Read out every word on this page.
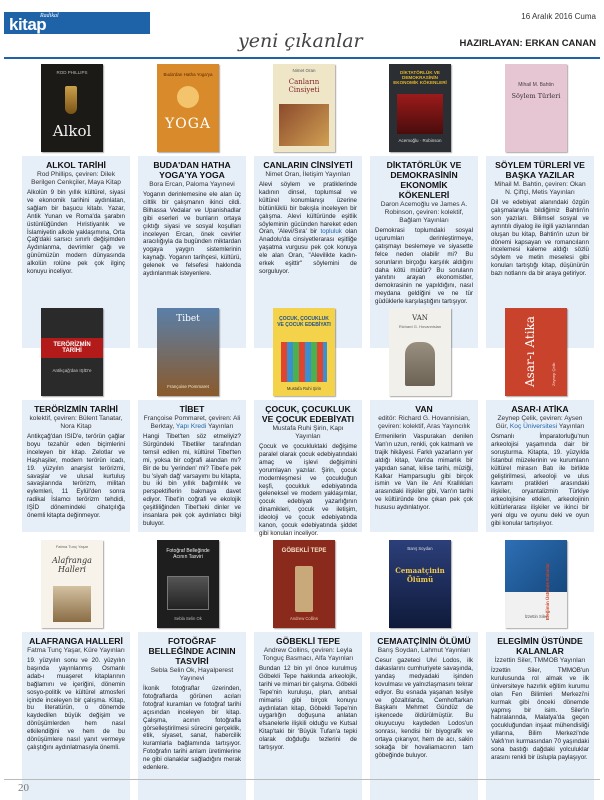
Radikal
kitap	16 Aralık 2016 Cuma
yeni çıkanlar	HAZIRLAYAN: ERKAN CANAN
ROD PHILLIPS
Alkol
ALKOL TARİHİ
Rod Phillips, çeviren: Dilek Berilgen Cenkçiler, Maya Kitap
Alkolün 9 bin yıllık kültürel, siyasi ve ekonomik tarihini aydınlatan, sağlam bir başucu kitabı. Yazar, Antik Yunan ve Roma'da şarabın üstünlüğünden Hıristiyanlık ve İslamiyetin alkole yaklaşımına, Orta Çağ'daki sarsıcı sınırlı değişimden Aydınlanma, devrimler çağı ve günümüzün modern dünyasında alkolün rolüne pek çok ilginç konuyu inceliyor.
Buda'dan Hatha Yoga'ya
YOGA
BUDA'DAN HATHA YOGA'YA YOGA
Bora Ercan, Paloma Yayınevi
Yoganın derinlemesine ele alan üç ciltlik bir çalışmanın ikinci cildi. Bilhassa Vedalar ve Upanishadlar gibi eserleri ve bunların ortaya çıktığı siyasi ve sosyal koşulları inceleyen Ercan, önek cevirler aracılığıyla da bugünden miktardan yogaya yaygın sistemlerinin kaynağı. Yoganın tarihçesi, kültürü, gelenek ve felsefesi hakkında aydınlanmak isteyenlere.
Nimet Oran
Canların Cinsiyeti
CANLARIN CİNSİYETİ
Nimet Oran, İletişim Yayınları
Alevi söylem ve pratiklerinde kadının dinsel, toplumsal ve kültürel konumlanışı üzerine bütünlüklü bir bakışla inceleyen bir çalışma. Alevi kültüründe eşitlik söyleminin gücünden hareket eden Oran, 'Alevi/Sıra' bir topluluk olan Anadolu'da cinsiyetlerarası eşitliğe yaşatma vurgusu pek çok konuya ele alan Oran, "Alevilikte kadın-erkek eşittir" söylemini de sorguluyor.
DİKTATÖRLÜK VE DEMOKRASİNİN EKONOMİK KÖKENLERİ
Acemoğlu · Robinson
DİKTATÖRLÜK VE DEMOKRASİNİN EKONOMİK KÖKENLERİ
Daron Acemoğlu ve James A. Robinson, çeviren: kolektif, Bağlam Yayınları
Demokrasi toplumdaki sosyal uçurumları derinleştirmeye, çatışmayı beslemeye ve siyasette felce neden olabilir mi? Bu sorunların birçoğu karşılık aldığını daha kötü müdür? Bu soruların yanıtını arayan ekonomistler, demokrasinin ne yapıldığını, nasıl meydana geldiğini ve ne tür güdüklerle karşılaştığını tartışıyor.
Mihail M. Bahtin
Söylem Türleri
SÖYLEM TÜRLERİ VE BAŞKA YAZILAR
Mihail M. Bahtin, çeviren: Okan N. Çiftçi, Metis Yayınları
Dil ve edebiyat alanındaki özgün çalışmalarıyla bildiğimiz Bahtin'in son yazıları. Bilimsel sosyal ve ayrıntılı diyalog ile ilgili yazılarından oluşan bu kitap, Bahtin'in uzun bir dönemi kapsayan ve romancıların incelemesi kaleme aldığı sözlü söylem ve metin meselesi gibi konuları tartıştığı kitap, düşünürün bazı notlarını da bir araya getiriyor.
TERÖRİZMİN TARİHİ
Antikçağ'dan IŞİD'e
TERÖRİZMİN TARİHİ
kolektif, çeviren: Bülent Tanatar, Nora Kitap
Antikçağ'dan ISID'e, terörün çağlar boyu tezahür eden biçimlerini inceleyen bir kitap. Zelotlar ve Haşhaşiler, modern terörün icadı, 19. yüzyılın anarşist terörizmi, savaşlar ve ulusal kurtuluş savaşlarında terörizm, militan eylemleri, 11 Eylül'den sonra radikal İslamcı terörizm tehdidi, IŞİD dönemindeki cihatçılığa önemli kitapta değinmeyor.
Tibet
Françoise Pommaret
TİBET
Françoise Pommaret, çeviren: Ali Berktay, Yapı Kredi Yayınları
Hangi Tibet'ten söz etmeliyiz? Sürgündeki Tibetliler tarafından temsil edilen mi, kültürel Tibet'ten mi, yoksa bir coğrafi alandan mı? Bir de bu 'yerinden' mi? Tibet'e pek bu 'siyah dağ' varsayımı bu kitapta, bu iki bin yıllık bağımlılık ve perspektiflerin bakmaya davet ediyor. Tibet'in coğrafi ve ekolojik çeşitliliğinden Tibet'teki dinler ve insanlara pek çok aydınlatıcı bilgi buluyor.
ÇOCUK, ÇOCUKLUK VE ÇOCUK EDEBİYATI
Mustafa Ruhi Şirin
ÇOCUK, ÇOCUKLUK VE ÇOCUK EDEBİYATI
Mustafa Ruhi Şirin, Kapı Yayınları
Çocuk ve çocukluktaki değişime paralel olarak çocuk edebiyatındaki amaç ve işlevi değişimini yorumlayan yazılar. Şirin, çocuk modernleşmesi ve çocukluğun keşfi, çocukluk edebiyatında geleneksel ve modern yaklaşımlar, çocuk edebiyatı yazarlığının dinamikleri, çocuk ve iletişim, ideoloji ve çocuk edebiyatında kanon, çocuk edebiyatında şiddet gibi konuları inceliyor.
VAN
Richard G. Hovannisian
VAN
editör: Richard G. Hovannisian, çeviren: kolektif, Aras Yayıncılık
Ermenilerin Vaspurakan denilen Van'ın uzun, renkli, çok katmanlı ve trajik hikâyesi. Farklı yazarların yer aldığı kitap, Van'da mimarlık bir yapıdan sanat, kilise tarihi, müziği, Kalkar Hamparsuglu gibi birçok ismin ve Van ile Ani Krallıkları arasındaki ilişkiler gibi, Van'ın tarihi ve kültüründe öne çıkan pek çok hususu aydınlatıyor.
Asar-ı Atika	Zeynep Çelik
ASAR-I ATİKA
Zeynep Çelik, çeviren: Aysen Gür, Koç Üniversitesi Yayınları
Osmanlı İmparatorluğu'nun arkeolojisi yaşamında dair bir soruşturma. Kitapta, 19. yüzyılda İstanbul müzelerinin ve kurumların kültürel mirasın Batı ile birlikte geliştirilmesi, arkeoloji ve ulus kavramı pratikleri arasındaki ilişkiler, oryantalizmin Türkiye arkeolojisine etkileri, arkeolojinin kültürlerarası ilişkiler ve ikinci bir yeni olgu ve oyunu deki ve oyun gibi konular tartışılıyor.
Fatma Tunç Yaşar
Alafranga Halleri
ALAFRANGA HALLERİ
Fatma Tunç Yaşar, Küre Yayınları
19. yüzyılın sonu ve 20. yüzyılın başında yayınlanmış Osmanlı adab-ı muaşeret kitaplarının bağlamını ve içeriğini, dönemin sosyo-politik ve kültürel atmosferi içinde inceleyen bir çalışma. Kitap, bu literatürün, o dönemde kaydedilen büyük değişim ve dönüşümlerden hem nasıl etkilendiğini ve hem de bu dönüşümlere nasıl yanıt vermeye çalıştığını aydınlatmasıyla önemli.
Fotoğraf Belleğinde Acının Tasviri
Sebla Selin Ok
FOTOĞRAF BELLEĞİNDE ACININ TASVİRİ
Sebla Selin Ok, Hayalperest Yayınevi
İkonik fotoğraflar üzerinden, fotoğraflarda görünen acıları fotoğraf kuramları ve fotoğraf tarihi açısından inceleyen bir kitap. Çalışma, acının fotoğrafla görselleştirilmesi sürecini gerçeklik, etik, siyaset, sanat, habercilik kuramlarla bağlamında tartışıyor. Fotoğrafın tarihi anlam üretimlerine ne gibi olanaklar sağladığını merak edenlere.
GÖBEKLİ TEPE
Andrew Collins
GÖBEKLİ TEPE
Andrew Collins, çeviren: Leyla Tonguç Basmacı, Alfa Yayınları
Bundan 12 bin yıl önce kurulmuş Göbekli Tepe hakkında arkeolojik, tarihi ve mimari bir çalışma. Göbekli Tepe'nin kuruluşu, plan, anıtsal mimarisi gibi birçok konuyu aydınlatan kitap, Göbekli Tepe'nin uygarlığın doğuşuna anlatan efsanelerle ilişkili olduğu ve Kutsal Kitap'taki bir 'Büyük Tufan'a tepki olarak doğduğu tezlerini de tartışıyor.
Barış Soydan
Cemaatçinin Ölümü
CEMAATÇİNİN ÖLÜMÜ
Barış Soydan, Lahmut Yayınları
Cesur gazeteci Ulvi Lodos, ilk dakaslarını cumhuriyete savaşında, yandaş medyadaki işinden kovulması ve yalnızlaşmasını tekrar ediyor. Bu esnada yaşanan tesilye ve gözaltılarda, Cemhoftarkan Başkanı Mehmet Gündüz de işkencede öldürülmüştür. Bu okuyucuyu kaydeden Lodos'un sonrası, kendisi bir biyografik ve ortaya çıkarıyor, hem de acı, sakin sokağa bir hovaliamacının tam göbeğinde buluyor.
Eleğimin Üstünde Kalanlar
İzzettin Siler
ELEGİMİN ÜSTÜNDE KALANLAR
İzzettin Siler, TMMOB Yayınları
İzzettin Siler, TMMOB'un kurulusunda rol almak ve ilk üniversiteye hazırlık eğitim kurumu olan Fen Bilimleri Merkezi'ni kurmak gibi önceki dönemde yapmış bir isim. Siler'in hatıralarında, Malatya'da geçen çocukluğundan inşaat mühendisliği yıllarına, Bilim Merkezi'nde Vakfı'nın kurmasından 70 yaşındaki sona bastığı dağdaki yolculuklar arasını renkli bir üslupla paylaşıyor.
20
